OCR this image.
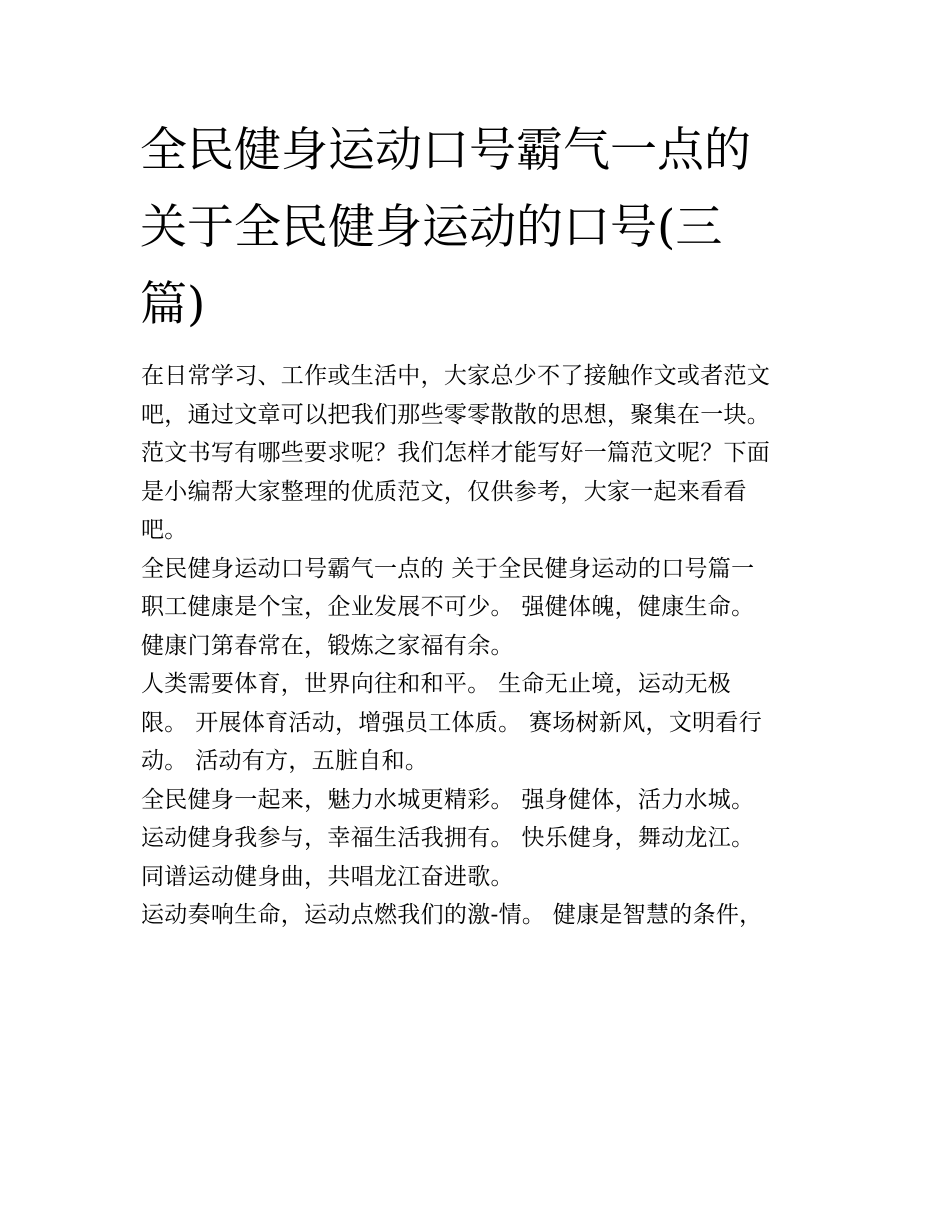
全民健身运动口号霸气一点的
关于全民健身运动的口号(三
篇)
在日常学习、工作或生活中，大家总少不了接触作文或者范文
吧，通过文章可以把我们那些零零散散的思想，聚集在一块。
范文书写有哪些要求呢？我们怎样才能写好一篇范文呢？下面
是小编帮大家整理的优质范文，仅供参考，大家一起来看看
吧。
全民健身运动口号霸气一点的 关于全民健身运动的口号篇一
职工健康是个宝，企业发展不可少。 强健体魄，健康生命。
健康门第春常在，锻炼之家福有余。
人类需要体育，世界向往和和平。 生命无止境，运动无极
限。 开展体育活动，增强员工体质。 赛场树新风，文明看行
动。 活动有方，五脏自和。
全民健身一起来，魅力水城更精彩。 强身健体，活力水城。
运动健身我参与，幸福生活我拥有。 快乐健身，舞动龙江。
同谱运动健身曲，共唱龙江奋进歌。
运动奏响生命，运动点燃我们的激-情。 健康是智慧的条件，
